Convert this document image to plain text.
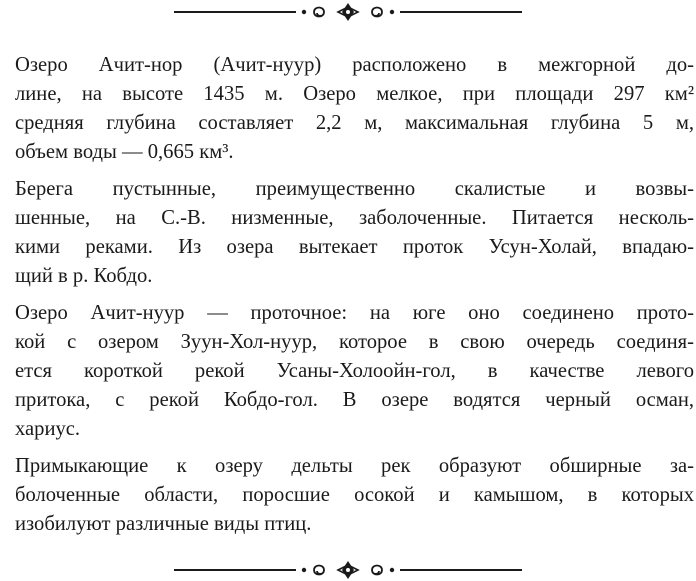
Озеро Ачит-нор (Ачит-нуур) расположено в межгорной до-
лине, на высоте 1435 м. Озеро мелкое, при площади 297 км²
средняя глубина составляет 2,2 м, максимальная глубина 5 м,
объем воды — 0,665 км³.

Берега пустынные, преимущественно скалистые и возвы-
шенные, на С.-В. низменные, заболоченные. Питается несколь-
кими реками. Из озера вытекает проток Усун-Холай, впадаю-
щий в р. Кобдо.

Озеро Ачит-нуур — проточное: на юге оно соединено прото-
кой с озером Зуун-Хол-нуур, которое в свою очередь соединя-
ется короткой рекой Усаны-Холоойн-гол, в качестве левого
притока, с рекой Кобдо-гол. В озере водятся черный осман,
хариус.

Примыкающие к озеру дельты рек образуют обширные за-
болоченные области, поросшие осокой и камышом, в которых
изобилуют различные виды птиц.
